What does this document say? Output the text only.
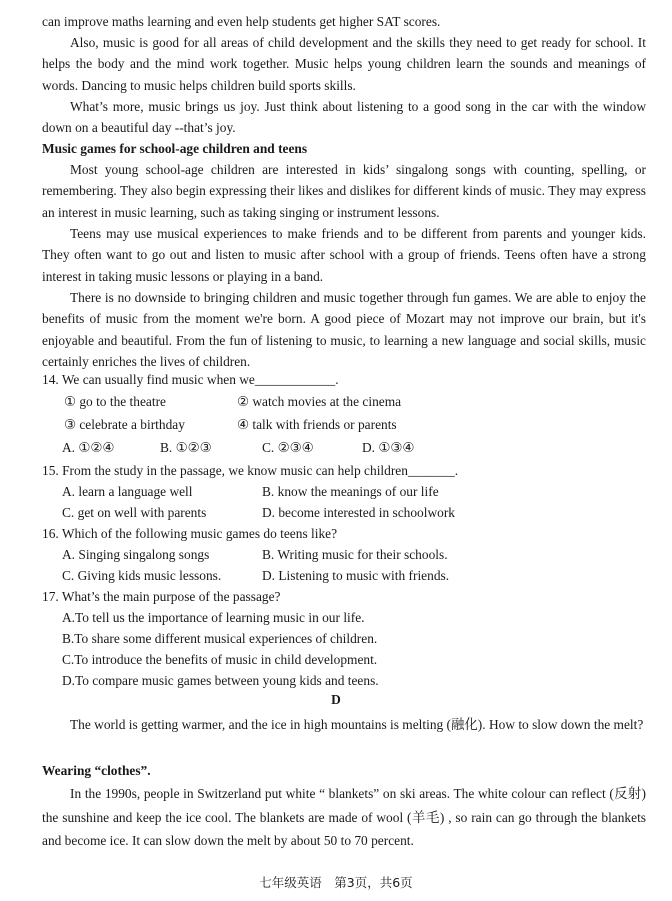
can improve maths learning and even help students get higher SAT scores.
Also, music is good for all areas of child development and the skills they need to get ready for school. It helps the body and the mind work together. Music helps young children learn the sounds and meanings of words. Dancing to music helps children build sports skills.
What’s more, music brings us joy. Just think about listening to a good song in the car with the window down on a beautiful day --that’s joy.
Music games for school-age children and teens
Most young school-age children are interested in kids’ singalong songs with counting, spelling, or remembering. They also begin expressing their likes and dislikes for different kinds of music. They may express an interest in music learning, such as taking singing or instrument lessons.
Teens may use musical experiences to make friends and to be different from parents and younger kids. They often want to go out and listen to music after school with a group of friends. Teens often have a strong interest in taking music lessons or playing in a band.
There is no downside to bringing children and music together through fun games. We are able to enjoy the benefits of music from the moment we're born. A good piece of Mozart may not improve our brain, but it's enjoyable and beautiful. From the fun of listening to music, to learning a new language and social skills, music certainly enriches the lives of children.
14. We can usually find music when we____________.
① go to the theatre	② watch movies at the cinema
③ celebrate a birthday	④ talk with friends or parents
A. ①②④	B. ①②③	C. ②③④	D. ①③④
15. From the study in the passage, we know music can help children_______.
A. learn a language well	B. know the meanings of our life
C. get on well with parents	D. become interested in schoolwork
16. Which of the following music games do teens like?
A. Singing singalong songs	B. Writing music for their schools.
C. Giving kids music lessons.	D. Listening to music with friends.
17. What’s the main purpose of the passage?
A.To tell us the importance of learning music in our life.
B.To share some different musical experiences of children.
C.To introduce the benefits of music in child development.
D.To compare music games between young kids and teens.
D
The world is getting warmer, and the ice in high mountains is melting (融化). How to slow down the melt?
Wearing “clothes”.
In the 1990s, people in Switzerland put white “ blankets” on ski areas. The white colour can reflect (反射) the sunshine and keep the ice cool. The blankets are made of wool (羊毛) , so rain can go through the blankets and become ice. It can slow down the melt by about 50 to 70 percent.
七年级英语　第3页，共6页
